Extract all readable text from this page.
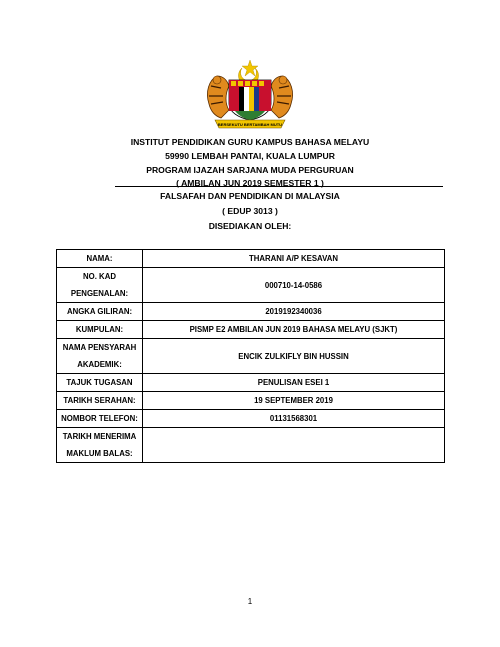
BERSEKUTU BERTAMBAH MUTU
INSTITUT PENDIDIKAN GURU KAMPUS BAHASA MELAYU
59990 LEMBAH PANTAI, KUALA LUMPUR
PROGRAM IJAZAH SARJANA MUDA PERGURUAN
( AMBILAN JUN 2019 SEMESTER 1 )
FALSAFAH DAN PENDIDIKAN DI MALAYSIA
( EDUP 3013 )
DISEDIAKAN OLEH:
NAMA:	THARANI A/P KESAVAN
NO. KAD PENGENALAN:	000710-14-0586
ANGKA GILIRAN:	2019192340036
KUMPULAN:	PISMP E2 AMBILAN JUN 2019 BAHASA MELAYU (SJKT)
NAMA PENSYARAH AKADEMIK:	ENCIK ZULKIFLY BIN HUSSIN
TAJUK TUGASAN	PENULISAN ESEI 1
TARIKH SERAHAN:	19 SEPTEMBER 2019
NOMBOR TELEFON:	01131568301
TARIKH MENERIMA MAKLUM BALAS:	
1
